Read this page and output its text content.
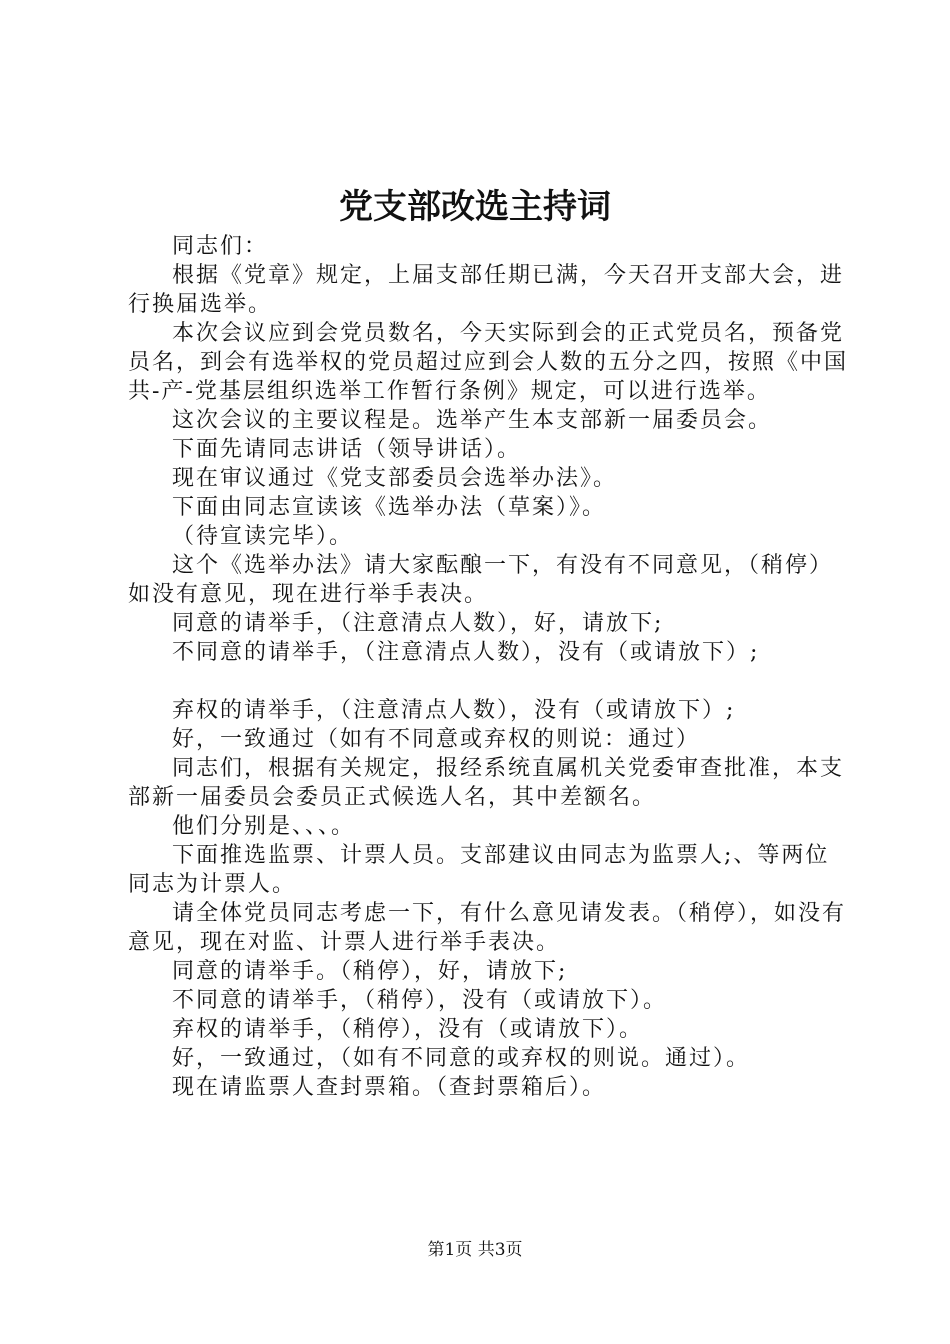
党支部改选主持词

同志们：

根据《党章》规定，上届支部任期已满，今天召开支部大会，进行换届选举。

本次会议应到会党员数名，今天实际到会的正式党员名，预备党员名，到会有选举权的党员超过应到会人数的五分之四，按照《中国共-产-党基层组织选举工作暂行条例》规定，可以进行选举。

这次会议的主要议程是。选举产生本支部新一届委员会。

下面先请同志讲话（领导讲话）。

现在审议通过《党支部委员会选举办法》。

下面由同志宣读该《选举办法（草案）》。

（待宣读完毕）。

这个《选举办法》请大家酝酿一下，有没有不同意见，（稍停）如没有意见，现在进行举手表决。

同意的请举手，（注意清点人数），好，请放下;

不同意的请举手，（注意清点人数），没有（或请放下）;

弃权的请举手，（注意清点人数），没有（或请放下）;

好，一致通过（如有不同意或弃权的则说：通过）

同志们，根据有关规定，报经系统直属机关党委审查批准，本支部新一届委员会委员正式候选人名，其中差额名。

他们分别是、、、。

下面推选监票、计票人员。支部建议由同志为监票人;、等两位同志为计票人。

请全体党员同志考虑一下，有什么意见请发表。（稍停），如没有意见，现在对监、计票人进行举手表决。

同意的请举手。（稍停），好，请放下;

不同意的请举手，（稍停），没有（或请放下）。

弃权的请举手，（稍停），没有（或请放下）。

好，一致通过，（如有不同意的或弃权的则说。通过）。

现在请监票人查封票箱。（查封票箱后）。

第1页 共3页
